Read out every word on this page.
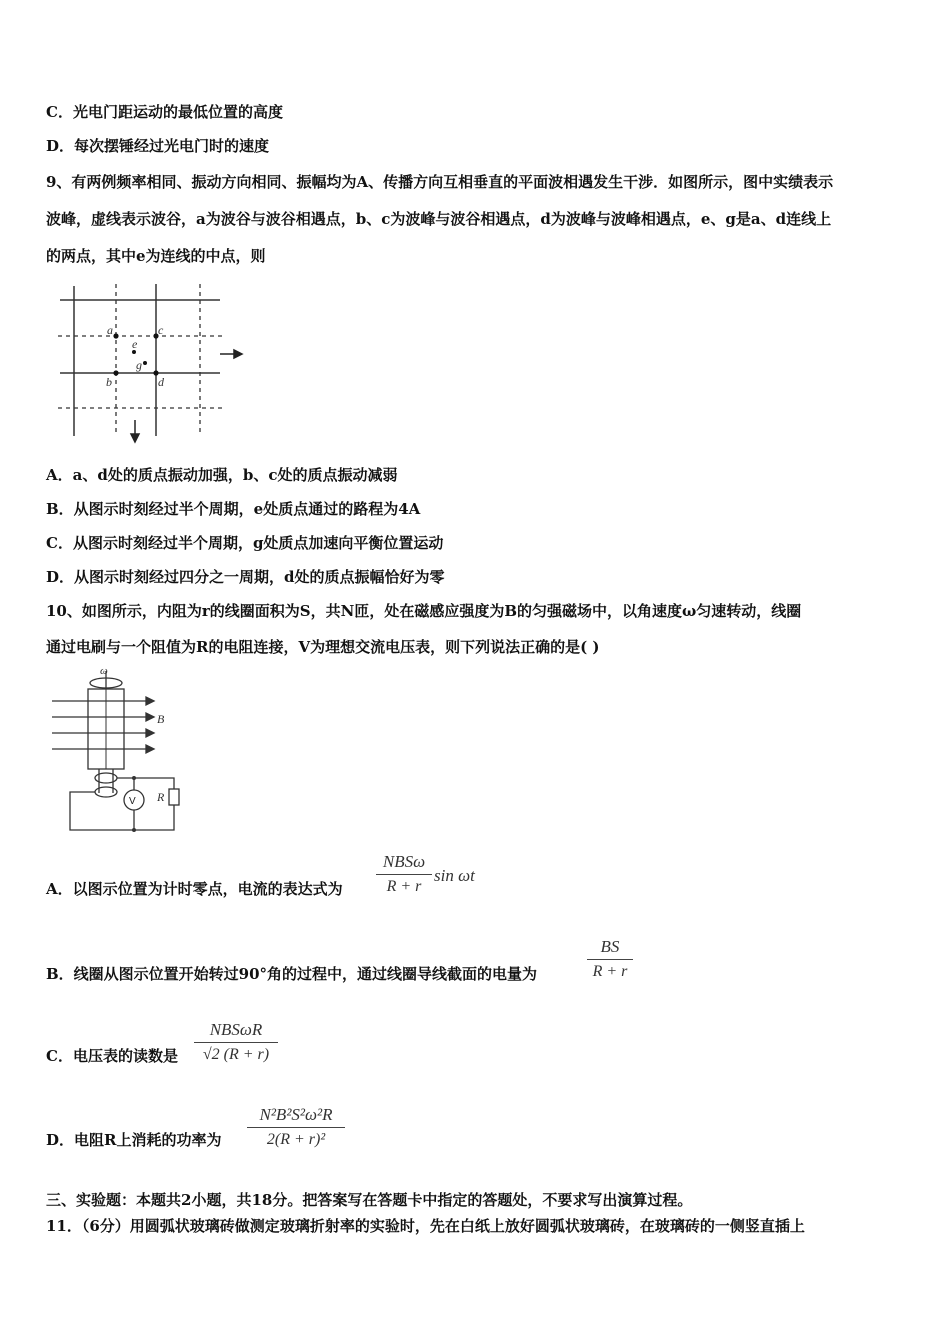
C．光电门距运动的最低位置的高度
D．每次摆锤经过光电门时的速度
9、有两例频率相同、振动方向相同、振幅均为A、传播方向互相垂直的平面波相遇发生干涉．如图所示，图中实绩表示
波峰，虚线表示波谷，a为波谷与波谷相遇点，b、c为波峰与波谷相遇点，d为波峰与波峰相遇点，e、g是a、d连线上
的两点，其中e为连线的中点，则
a	c
e
g
b	d
A．a、d处的质点振动加强，b、c处的质点振动减弱
B．从图示时刻经过半个周期，e处质点通过的路程为4A
C．从图示时刻经过半个周期，g处质点加速向平衡位置运动
D．从图示时刻经过四分之一周期，d处的质点振幅恰好为零
10、如图所示，内阻为r的线圈面积为S，共N匝，处在磁感应强度为B的匀强磁场中，以角速度ω匀速转动，线圈
通过电刷与一个阻值为R的电阻连接，V为理想交流电压表，则下列说法正确的是( )
ω
B
V R
A．以图示位置为计时零点，电流的表达式为
NBSω
R + r
sin ωt
B．线圈从图示位置开始转过90°角的过程中，通过线圈导线截面的电量为
BS
R + r
C．电压表的读数是
NBSωR
√2 (R + r)
D．电阻R上消耗的功率为
N²B²S²ω²R
2(R + r)²
三、实验题：本题共2小题，共18分。把答案写在答题卡中指定的答题处，不要求写出演算过程。
11．（6分）用圆弧状玻璃砖做测定玻璃折射率的实验时，先在白纸上放好圆弧状玻璃砖，在玻璃砖的一侧竖直插上
